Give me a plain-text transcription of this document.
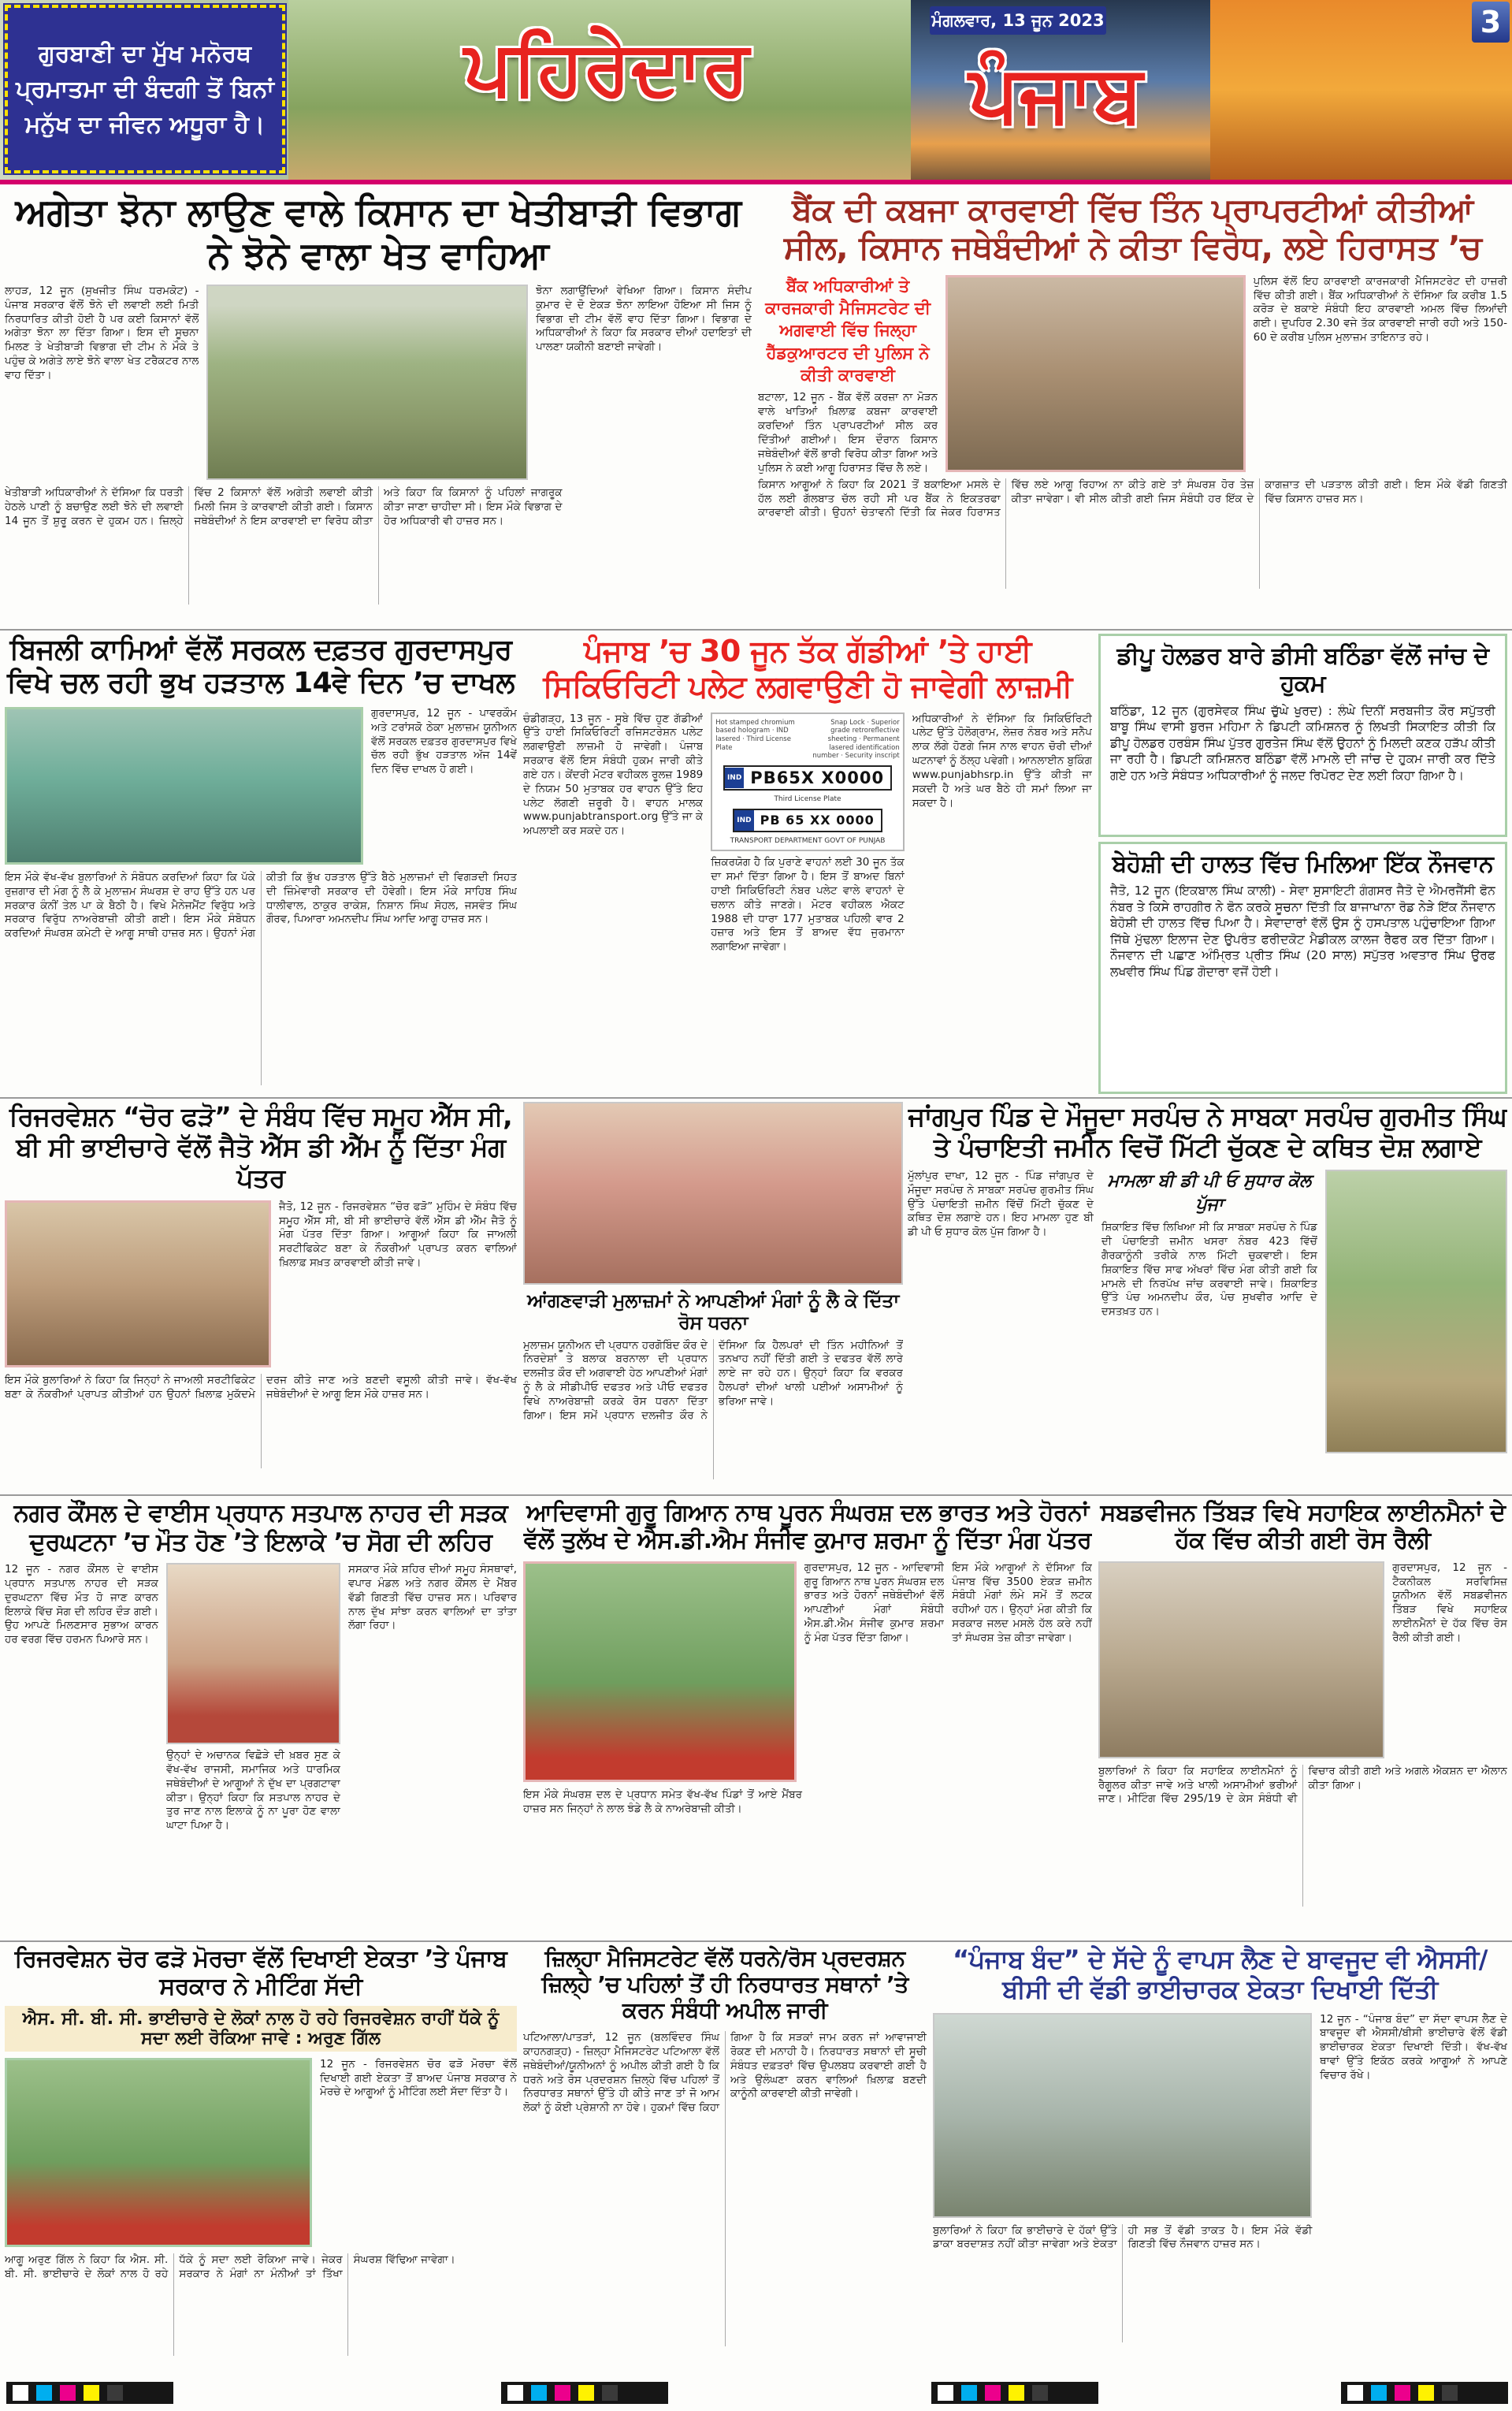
ਪਹਿਰੇਦਾਰ	ਪੰਜਾਬ
ਗੁਰਬਾਣੀ ਦਾ ਮੁੱਖ ਮਨੋਰਥ ਪ੍ਰਮਾਤਮਾ ਦੀ ਬੰਦਗੀ ਤੋਂ ਬਿਨਾਂ ਮਨੁੱਖ ਦਾ ਜੀਵਨ ਅਧੂਰਾ ਹੈ।
ਮੰਗਲਵਾਰ, 13 ਜੂਨ 2023	3
ਅਗੇਤਾ ਝੋਨਾ ਲਾਉਣ ਵਾਲੇ ਕਿਸਾਨ ਦਾ ਖੇਤੀਬਾੜੀ ਵਿਭਾਗ ਨੇ ਝੋਨੇ ਵਾਲਾ ਖੇਤ ਵਾਹਿਆ
ਲਾਹੜ, 12 ਜੂਨ (ਸੁਖਜੀਤ ਸਿੰਘ ਧਰਮਕੋਟ) - ਪੰਜਾਬ ਸਰਕਾਰ ਵੱਲੋਂ ਝੋਨੇ ਦੀ ਲਵਾਈ ਲਈ ਮਿਤੀ ਨਿਰਧਾਰਿਤ ਕੀਤੀ ਹੋਈ ਹੈ ਪਰ ਕਈ ਕਿਸਾਨਾਂ ਵੱਲੋਂ ਅਗੇਤਾ ਝੋਨਾ ਲਾ ਦਿੱਤਾ ਗਿਆ। ਇਸ ਦੀ ਸੂਚਨਾ ਮਿਲਣ ਤੇ ਖੇਤੀਬਾੜੀ ਵਿਭਾਗ ਦੀ ਟੀਮ ਨੇ ਮੌਕੇ ਤੇ ਪਹੁੰਚ ਕੇ ਅਗੇਤੇ ਲਾਏ ਝੋਨੇ ਵਾਲਾ ਖੇਤ ਟਰੈਕਟਰ ਨਾਲ ਵਾਹ ਦਿੱਤਾ।
ਝੋਨਾ ਲਗਾਉਂਦਿਆਂ ਵੇਖਿਆ ਗਿਆ। ਕਿਸਾਨ ਸੰਦੀਪ ਕੁਮਾਰ ਦੇ ਦੋ ਏਕੜ ਝੋਨਾ ਲਾਇਆ ਹੋਇਆ ਸੀ ਜਿਸ ਨੂੰ ਵਿਭਾਗ ਦੀ ਟੀਮ ਵੱਲੋਂ ਵਾਹ ਦਿੱਤਾ ਗਿਆ। ਵਿਭਾਗ ਦੇ ਅਧਿਕਾਰੀਆਂ ਨੇ ਕਿਹਾ ਕਿ ਸਰਕਾਰ ਦੀਆਂ ਹਦਾਇਤਾਂ ਦੀ ਪਾਲਣਾ ਯਕੀਨੀ ਬਣਾਈ ਜਾਵੇਗੀ।
ਖੇਤੀਬਾੜੀ ਅਧਿਕਾਰੀਆਂ ਨੇ ਦੱਸਿਆ ਕਿ ਧਰਤੀ ਹੇਠਲੇ ਪਾਣੀ ਨੂੰ ਬਚਾਉਣ ਲਈ ਝੋਨੇ ਦੀ ਲਵਾਈ 14 ਜੂਨ ਤੋਂ ਸ਼ੁਰੂ ਕਰਨ ਦੇ ਹੁਕਮ ਹਨ। ਜ਼ਿਲ੍ਹੇ ਵਿੱਚ 2 ਕਿਸਾਨਾਂ ਵੱਲੋਂ ਅਗੇਤੀ ਲਵਾਈ ਕੀਤੀ ਮਿਲੀ ਜਿਸ ਤੇ ਕਾਰਵਾਈ ਕੀਤੀ ਗਈ। ਕਿਸਾਨ ਜਥੇਬੰਦੀਆਂ ਨੇ ਇਸ ਕਾਰਵਾਈ ਦਾ ਵਿਰੋਧ ਕੀਤਾ ਅਤੇ ਕਿਹਾ ਕਿ ਕਿਸਾਨਾਂ ਨੂੰ ਪਹਿਲਾਂ ਜਾਗਰੂਕ ਕੀਤਾ ਜਾਣਾ ਚਾਹੀਦਾ ਸੀ। ਇਸ ਮੌਕੇ ਵਿਭਾਗ ਦੇ ਹੋਰ ਅਧਿਕਾਰੀ ਵੀ ਹਾਜ਼ਰ ਸਨ।
ਬੈਂਕ ਦੀ ਕਬਜਾ ਕਾਰਵਾਈ ਵਿੱਚ ਤਿੰਨ ਪ੍ਰਾਪਰਟੀਆਂ ਕੀਤੀਆਂ ਸੀਲ, ਕਿਸਾਨ ਜਥੇਬੰਦੀਆਂ ਨੇ ਕੀਤਾ ਵਿਰੋਧ, ਲਏ ਹਿਰਾਸਤ ’ਚ
ਬੈਂਕ ਅਧਿਕਾਰੀਆਂ ਤੇ ਕਾਰਜਕਾਰੀ ਮੈਜਿਸਟਰੇਟ ਦੀ ਅਗਵਾਈ ਵਿੱਚ ਜਿਲ੍ਹਾ ਹੈੱਡਕੁਆਰਟਰ ਦੀ ਪੁਲਿਸ ਨੇ ਕੀਤੀ ਕਾਰਵਾਈ
ਬਟਾਲਾ, 12 ਜੂਨ - ਬੈਂਕ ਵੱਲੋਂ ਕਰਜ਼ਾ ਨਾ ਮੋੜਨ ਵਾਲੇ ਖਾਤਿਆਂ ਖ਼ਿਲਾਫ਼ ਕਬਜਾ ਕਾਰਵਾਈ ਕਰਦਿਆਂ ਤਿੰਨ ਪ੍ਰਾਪਰਟੀਆਂ ਸੀਲ ਕਰ ਦਿੱਤੀਆਂ ਗਈਆਂ। ਇਸ ਦੌਰਾਨ ਕਿਸਾਨ ਜਥੇਬੰਦੀਆਂ ਵੱਲੋਂ ਭਾਰੀ ਵਿਰੋਧ ਕੀਤਾ ਗਿਆ ਅਤੇ ਪੁਲਿਸ ਨੇ ਕਈ ਆਗੂ ਹਿਰਾਸਤ ਵਿੱਚ ਲੈ ਲਏ।
ਪੁਲਿਸ ਵੱਲੋਂ ਇਹ ਕਾਰਵਾਈ ਕਾਰਜਕਾਰੀ ਮੈਜਿਸਟਰੇਟ ਦੀ ਹਾਜ਼ਰੀ ਵਿੱਚ ਕੀਤੀ ਗਈ। ਬੈਂਕ ਅਧਿਕਾਰੀਆਂ ਨੇ ਦੱਸਿਆ ਕਿ ਕਰੀਬ 1.5 ਕਰੋੜ ਦੇ ਬਕਾਏ ਸੰਬੰਧੀ ਇਹ ਕਾਰਵਾਈ ਅਮਲ ਵਿੱਚ ਲਿਆਂਦੀ ਗਈ। ਦੁਪਹਿਰ 2.30 ਵਜੇ ਤੱਕ ਕਾਰਵਾਈ ਜਾਰੀ ਰਹੀ ਅਤੇ 150-60 ਦੇ ਕਰੀਬ ਪੁਲਿਸ ਮੁਲਾਜ਼ਮ ਤਾਇਨਾਤ ਰਹੇ।
ਕਿਸਾਨ ਆਗੂਆਂ ਨੇ ਕਿਹਾ ਕਿ 2021 ਤੋਂ ਬਕਾਇਆ ਮਸਲੇ ਦੇ ਹੱਲ ਲਈ ਗੱਲਬਾਤ ਚੱਲ ਰਹੀ ਸੀ ਪਰ ਬੈਂਕ ਨੇ ਇਕਤਰਫਾ ਕਾਰਵਾਈ ਕੀਤੀ। ਉਹਨਾਂ ਚੇਤਾਵਨੀ ਦਿੱਤੀ ਕਿ ਜੇਕਰ ਹਿਰਾਸਤ ਵਿੱਚ ਲਏ ਆਗੂ ਰਿਹਾਅ ਨਾ ਕੀਤੇ ਗਏ ਤਾਂ ਸੰਘਰਸ਼ ਹੋਰ ਤੇਜ਼ ਕੀਤਾ ਜਾਵੇਗਾ। ਵੀ ਸੀਲ ਕੀਤੀ ਗਈ ਜਿਸ ਸੰਬੰਧੀ ਹਰ ਇੱਕ ਦੇ ਕਾਗਜ਼ਾਤ ਦੀ ਪੜਤਾਲ ਕੀਤੀ ਗਈ। ਇਸ ਮੌਕੇ ਵੱਡੀ ਗਿਣਤੀ ਵਿੱਚ ਕਿਸਾਨ ਹਾਜ਼ਰ ਸਨ।
ਬਿਜਲੀ ਕਾਮਿਆਂ ਵੱਲੋਂ ਸਰਕਲ ਦਫ਼ਤਰ ਗੁਰਦਾਸਪੁਰ ਵਿਖੇ ਚਲ ਰਹੀ ਭੁਖ ਹੜਤਾਲ 14ਵੇ ਦਿਨ ’ਚ ਦਾਖਲ
ਗੁਰਦਾਸਪੁਰ, 12 ਜੂਨ - ਪਾਵਰਕੌਮ ਅਤੇ ਟਰਾਂਸਕੋ ਠੇਕਾ ਮੁਲਾਜ਼ਮ ਯੂਨੀਅਨ ਵੱਲੋਂ ਸਰਕਲ ਦਫ਼ਤਰ ਗੁਰਦਾਸਪੁਰ ਵਿਖੇ ਚੱਲ ਰਹੀ ਭੁੱਖ ਹੜਤਾਲ ਅੱਜ 14ਵੇਂ ਦਿਨ ਵਿੱਚ ਦਾਖਲ ਹੋ ਗਈ।
ਇਸ ਮੌਕੇ ਵੱਖ-ਵੱਖ ਬੁਲਾਰਿਆਂ ਨੇ ਸੰਬੋਧਨ ਕਰਦਿਆਂ ਕਿਹਾ ਕਿ ਪੱਕੇ ਰੁਜ਼ਗਾਰ ਦੀ ਮੰਗ ਨੂੰ ਲੈ ਕੇ ਮੁਲਾਜ਼ਮ ਸੰਘਰਸ਼ ਦੇ ਰਾਹ ਉੱਤੇ ਹਨ ਪਰ ਸਰਕਾਰ ਕੰਨੀਂ ਤੇਲ ਪਾ ਕੇ ਬੈਠੀ ਹੈ। ਵਿਖੇ ਮੈਨੇਜਮੈਂਟ ਵਿਰੁੱਧ ਅਤੇ ਸਰਕਾਰ ਵਿਰੁੱਧ ਨਾਅਰੇਬਾਜ਼ੀ ਕੀਤੀ ਗਈ। ਇਸ ਮੌਕੇ ਸੰਬੋਧਨ ਕਰਦਿਆਂ ਸੰਘਰਸ਼ ਕਮੇਟੀ ਦੇ ਆਗੂ ਸਾਥੀ ਹਾਜ਼ਰ ਸਨ। ਉਹਨਾਂ ਮੰਗ ਕੀਤੀ ਕਿ ਭੁੱਖ ਹੜਤਾਲ ਉੱਤੇ ਬੈਠੇ ਮੁਲਾਜ਼ਮਾਂ ਦੀ ਵਿਗੜਦੀ ਸਿਹਤ ਦੀ ਜ਼ਿੰਮੇਵਾਰੀ ਸਰਕਾਰ ਦੀ ਹੋਵੇਗੀ। ਇਸ ਮੌਕੇ ਸਾਹਿਬ ਸਿੰਘ ਧਾਲੀਵਾਲ, ਠਾਕੁਰ ਰਾਕੇਸ਼, ਨਿਸ਼ਾਨ ਸਿੰਘ ਸੋਹਲ, ਜਸਵੰਤ ਸਿੰਘ ਗੌਰਵ, ਪਿਆਰਾ ਅਮਨਦੀਪ ਸਿੰਘ ਆਦਿ ਆਗੂ ਹਾਜ਼ਰ ਸਨ।
ਪੰਜਾਬ ’ਚ 30 ਜੂਨ ਤੱਕ ਗੱਡੀਆਂ ’ਤੇ ਹਾਈ ਸਿਕਿਓਰਿਟੀ ਪਲੇਟ ਲਗਵਾਉਣੀ ਹੋ ਜਾਵੇਗੀ ਲਾਜ਼ਮੀ
ਚੰਡੀਗੜ੍ਹ, 13 ਜੂਨ - ਸੂਬੇ ਵਿੱਚ ਹੁਣ ਗੱਡੀਆਂ ਉੱਤੇ ਹਾਈ ਸਿਕਿਓਰਿਟੀ ਰਜਿਸਟਰੇਸ਼ਨ ਪਲੇਟ ਲਗਵਾਉਣੀ ਲਾਜ਼ਮੀ ਹੋ ਜਾਵੇਗੀ। ਪੰਜਾਬ ਸਰਕਾਰ ਵੱਲੋਂ ਇਸ ਸੰਬੰਧੀ ਹੁਕਮ ਜਾਰੀ ਕੀਤੇ ਗਏ ਹਨ। ਕੇਂਦਰੀ ਮੋਟਰ ਵਹੀਕਲ ਰੂਲਜ਼ 1989 ਦੇ ਨਿਯਮ 50 ਮੁਤਾਬਕ ਹਰ ਵਾਹਨ ਉੱਤੇ ਇਹ ਪਲੇਟ ਲੱਗਣੀ ਜ਼ਰੂਰੀ ਹੈ। ਵਾਹਨ ਮਾਲਕ www.punjabtransport.org ਉੱਤੇ ਜਾ ਕੇ ਅਪਲਾਈ ਕਰ ਸਕਦੇ ਹਨ।
Hot stamped chromium based hologram · IND lasered · Third License Plate
Snap Lock · Superior grade retroreflective sheeting · Permanent lasered identification number · Security inscript
IND PB65X X0000
Third License Plate
IND PB 65 XX 0000
TRANSPORT DEPARTMENT GOVT OF PUNJAB
ਜ਼ਿਕਰਯੋਗ ਹੈ ਕਿ ਪੁਰਾਣੇ ਵਾਹਨਾਂ ਲਈ 30 ਜੂਨ ਤੱਕ ਦਾ ਸਮਾਂ ਦਿੱਤਾ ਗਿਆ ਹੈ। ਇਸ ਤੋਂ ਬਾਅਦ ਬਿਨਾਂ ਹਾਈ ਸਿਕਿਓਰਿਟੀ ਨੰਬਰ ਪਲੇਟ ਵਾਲੇ ਵਾਹਨਾਂ ਦੇ ਚਲਾਨ ਕੀਤੇ ਜਾਣਗੇ। ਮੋਟਰ ਵਹੀਕਲ ਐਕਟ 1988 ਦੀ ਧਾਰਾ 177 ਮੁਤਾਬਕ ਪਹਿਲੀ ਵਾਰ 2 ਹਜ਼ਾਰ ਅਤੇ ਇਸ ਤੋਂ ਬਾਅਦ ਵੱਧ ਜੁਰਮਾਨਾ ਲਗਾਇਆ ਜਾਵੇਗਾ।
ਅਧਿਕਾਰੀਆਂ ਨੇ ਦੱਸਿਆ ਕਿ ਸਿਕਿਓਰਿਟੀ ਪਲੇਟ ਉੱਤੇ ਹੋਲੋਗ੍ਰਾਮ, ਲੇਜ਼ਰ ਨੰਬਰ ਅਤੇ ਸਨੈਪ ਲਾਕ ਲੱਗੇ ਹੋਣਗੇ ਜਿਸ ਨਾਲ ਵਾਹਨ ਚੋਰੀ ਦੀਆਂ ਘਟਨਾਵਾਂ ਨੂੰ ਠੱਲ੍ਹ ਪਵੇਗੀ। ਆਨਲਾਈਨ ਬੁਕਿੰਗ www.punjabhsrp.in ਉੱਤੇ ਕੀਤੀ ਜਾ ਸਕਦੀ ਹੈ ਅਤੇ ਘਰ ਬੈਠੇ ਹੀ ਸਮਾਂ ਲਿਆ ਜਾ ਸਕਦਾ ਹੈ।
ਡੀਪੂ ਹੋਲਡਰ ਬਾਰੇ ਡੀਸੀ ਬਠਿੰਡਾ ਵੱਲੋਂ ਜਾਂਚ ਦੇ ਹੁਕਮ
ਬਠਿੰਡਾ, 12 ਜੂਨ (ਗੁਰਸੇਵਕ ਸਿੰਘ ਚੁੱਘੇ ਖੁਰਦ) : ਲੰਘੇ ਦਿਨੀਂ ਸਰਬਜੀਤ ਕੌਰ ਸਪੁੱਤਰੀ ਬਾਬੂ ਸਿੰਘ ਵਾਸੀ ਬੁਰਜ ਮਹਿਮਾ ਨੇ ਡਿਪਟੀ ਕਮਿਸ਼ਨਰ ਨੂੰ ਲਿਖਤੀ ਸਿਕਾਇਤ ਕੀਤੀ ਕਿ ਡੀਪੂ ਹੋਲਡਰ ਹਰਬੰਸ ਸਿੰਘ ਪੁੱਤਰ ਗੁਰਤੇਜ ਸਿੰਘ ਵੱਲੋਂ ਉਹਨਾਂ ਨੂੰ ਮਿਲਦੀ ਕਣਕ ਹੜੱਪ ਕੀਤੀ ਜਾ ਰਹੀ ਹੈ। ਡਿਪਟੀ ਕਮਿਸ਼ਨਰ ਬਠਿੰਡਾ ਵੱਲੋਂ ਮਾਮਲੇ ਦੀ ਜਾਂਚ ਦੇ ਹੁਕਮ ਜਾਰੀ ਕਰ ਦਿੱਤੇ ਗਏ ਹਨ ਅਤੇ ਸੰਬੰਧਤ ਅਧਿਕਾਰੀਆਂ ਨੂੰ ਜਲਦ ਰਿਪੋਰਟ ਦੇਣ ਲਈ ਕਿਹਾ ਗਿਆ ਹੈ।
ਬੇਹੋਸ਼ੀ ਦੀ ਹਾਲਤ ਵਿੱਚ ਮਿਲਿਆ ਇੱਕ ਨੌਜਵਾਨ
ਜੈਤੋ, 12 ਜੂਨ (ਇਕਬਾਲ ਸਿੰਘ ਕਾਲੀ) - ਸੇਵਾ ਸੁਸਾਇਟੀ ਗੰਗਸਰ ਜੈਤੋ ਦੇ ਐਮਰਜੈਂਸੀ ਫੋਨ ਨੰਬਰ ਤੇ ਕਿਸੇ ਰਾਹਗੀਰ ਨੇ ਫੋਨ ਕਰਕੇ ਸੂਚਨਾ ਦਿੱਤੀ ਕਿ ਬਾਜਾਖਾਨਾ ਰੋਡ ਨੇੜੇ ਇੱਕ ਨੌਜਵਾਨ ਬੇਹੋਸ਼ੀ ਦੀ ਹਾਲਤ ਵਿੱਚ ਪਿਆ ਹੈ। ਸੇਵਾਦਾਰਾਂ ਵੱਲੋਂ ਉਸ ਨੂੰ ਹਸਪਤਾਲ ਪਹੁੰਚਾਇਆ ਗਿਆ ਜਿੱਥੇ ਮੁੱਢਲਾ ਇਲਾਜ ਦੇਣ ਉਪਰੰਤ ਫਰੀਦਕੋਟ ਮੈਡੀਕਲ ਕਾਲਜ ਰੈਫਰ ਕਰ ਦਿੱਤਾ ਗਿਆ। ਨੌਜਵਾਨ ਦੀ ਪਛਾਣ ਅੰਮ੍ਰਿਤ ਪ੍ਰੀਤ ਸਿੰਘ (20 ਸਾਲ) ਸਪੁੱਤਰ ਅਵਤਾਰ ਸਿੰਘ ਉਰਫ ਲਖਵੀਰ ਸਿੰਘ ਪਿੰਡ ਗੋਦਾਰਾ ਵਜੋਂ ਹੋਈ।
ਰਿਜਰਵੇਸ਼ਨ “ਚੋਰ ਫੜੋ” ਦੇ ਸੰਬੰਧ ਵਿੱਚ ਸਮੂਹ ਐੱਸ ਸੀ, ਬੀ ਸੀ ਭਾਈਚਾਰੇ ਵੱਲੋਂ ਜੈਤੋ ਐੱਸ ਡੀ ਐੱਮ ਨੂੰ ਦਿੱਤਾ ਮੰਗ ਪੱਤਰ
ਜੈਤੋ, 12 ਜੂਨ - ਰਿਜਰਵੇਸ਼ਨ “ਚੋਰ ਫੜੋ” ਮੁਹਿੰਮ ਦੇ ਸੰਬੰਧ ਵਿੱਚ ਸਮੂਹ ਐੱਸ ਸੀ, ਬੀ ਸੀ ਭਾਈਚਾਰੇ ਵੱਲੋਂ ਐੱਸ ਡੀ ਐੱਮ ਜੈਤੋ ਨੂੰ ਮੰਗ ਪੱਤਰ ਦਿੱਤਾ ਗਿਆ। ਆਗੂਆਂ ਕਿਹਾ ਕਿ ਜਾਅਲੀ ਸਰਟੀਫਿਕੇਟ ਬਣਾ ਕੇ ਨੌਕਰੀਆਂ ਪ੍ਰਾਪਤ ਕਰਨ ਵਾਲਿਆਂ ਖ਼ਿਲਾਫ਼ ਸਖ਼ਤ ਕਾਰਵਾਈ ਕੀਤੀ ਜਾਵੇ।
ਇਸ ਮੌਕੇ ਬੁਲਾਰਿਆਂ ਨੇ ਕਿਹਾ ਕਿ ਜਿਨ੍ਹਾਂ ਨੇ ਜਾਅਲੀ ਸਰਟੀਫਿਕੇਟ ਬਣਾ ਕੇ ਨੌਕਰੀਆਂ ਪ੍ਰਾਪਤ ਕੀਤੀਆਂ ਹਨ ਉਹਨਾਂ ਖ਼ਿਲਾਫ਼ ਮੁਕੱਦਮੇ ਦਰਜ ਕੀਤੇ ਜਾਣ ਅਤੇ ਬਣਦੀ ਵਸੂਲੀ ਕੀਤੀ ਜਾਵੇ। ਵੱਖ-ਵੱਖ ਜਥੇਬੰਦੀਆਂ ਦੇ ਆਗੂ ਇਸ ਮੌਕੇ ਹਾਜ਼ਰ ਸਨ।
ਆਂਗਣਵਾੜੀ ਮੁਲਾਜ਼ਮਾਂ ਨੇ ਆਪਣੀਆਂ ਮੰਗਾਂ ਨੂੰ ਲੈ ਕੇ ਦਿੱਤਾ ਰੋਸ ਧਰਨਾ
ਮੁਲਾਜ਼ਮ ਯੂਨੀਅਨ ਦੀ ਪ੍ਰਧਾਨ ਹਰਗੋਬਿੰਦ ਕੌਰ ਦੇ ਨਿਰਦੇਸ਼ਾਂ ਤੇ ਬਲਾਕ ਬਰਨਾਲਾ ਦੀ ਪ੍ਰਧਾਨ ਦਲਜੀਤ ਕੌਰ ਦੀ ਅਗਵਾਈ ਹੇਠ ਆਪਣੀਆਂ ਮੰਗਾਂ ਨੂੰ ਲੈ ਕੇ ਸੀਡੀਪੀਓ ਦਫਤਰ ਅਤੇ ਪੀਓ ਦਫਤਰ ਵਿਖੇ ਨਾਅਰੇਬਾਜ਼ੀ ਕਰਕੇ ਰੋਸ ਧਰਨਾ ਦਿੱਤਾ ਗਿਆ। ਇਸ ਸਮੇਂ ਪ੍ਰਧਾਨ ਦਲਜੀਤ ਕੌਰ ਨੇ ਦੱਸਿਆ ਕਿ ਹੈਲਪਰਾਂ ਦੀ ਤਿੰਨ ਮਹੀਨਿਆਂ ਤੋਂ ਤਨਖਾਹ ਨਹੀਂ ਦਿੱਤੀ ਗਈ ਤੇ ਦਫਤਰ ਵੱਲੋਂ ਲਾਰੇ ਲਾਏ ਜਾ ਰਹੇ ਹਨ। ਉਨ੍ਹਾਂ ਕਿਹਾ ਕਿ ਵਰਕਰ ਹੈਲਪਰਾਂ ਦੀਆਂ ਖਾਲੀ ਪਈਆਂ ਅਸਾਮੀਆਂ ਨੂੰ ਭਰਿਆ ਜਾਵੇ।
ਜਾਂਗਪੁਰ ਪਿੰਡ ਦੇ ਮੌਜੂਦਾ ਸਰਪੰਚ ਨੇ ਸਾਬਕਾ ਸਰਪੰਚ ਗੁਰਮੀਤ ਸਿੰਘ ਤੇ ਪੰਚਾਇਤੀ ਜਮੀਨ ਵਿਚੋਂ ਮਿੱਟੀ ਚੁੱਕਣ ਦੇ ਕਥਿਤ ਦੋਸ਼ ਲਗਾਏ
ਮੁੱਲਾਂਪੁਰ ਦਾਖਾ, 12 ਜੂਨ - ਪਿੰਡ ਜਾਂਗਪੁਰ ਦੇ ਮੌਜੂਦਾ ਸਰਪੰਚ ਨੇ ਸਾਬਕਾ ਸਰਪੰਚ ਗੁਰਮੀਤ ਸਿੰਘ ਉੱਤੇ ਪੰਚਾਇਤੀ ਜ਼ਮੀਨ ਵਿੱਚੋਂ ਮਿੱਟੀ ਚੁੱਕਣ ਦੇ ਕਥਿਤ ਦੋਸ਼ ਲਗਾਏ ਹਨ। ਇਹ ਮਾਮਲਾ ਹੁਣ ਬੀ ਡੀ ਪੀ ਓ ਸੁਧਾਰ ਕੋਲ ਪੁੱਜ ਗਿਆ ਹੈ।
ਮਾਮਲਾ ਬੀ ਡੀ ਪੀ ਓ ਸੁਧਾਰ ਕੋਲ ਪੁੱਜਾ
ਸ਼ਿਕਾਇਤ ਵਿੱਚ ਲਿਖਿਆ ਸੀ ਕਿ ਸਾਬਕਾ ਸਰਪੰਚ ਨੇ ਪਿੰਡ ਦੀ ਪੰਚਾਇਤੀ ਜ਼ਮੀਨ ਖਸਰਾ ਨੰਬਰ 423 ਵਿੱਚੋਂ ਗੈਰਕਾਨੂੰਨੀ ਤਰੀਕੇ ਨਾਲ ਮਿੱਟੀ ਚੁਕਵਾਈ। ਇਸ ਸ਼ਿਕਾਇਤ ਵਿੱਚ ਸਾਫ ਅੱਖਰਾਂ ਵਿੱਚ ਮੰਗ ਕੀਤੀ ਗਈ ਕਿ ਮਾਮਲੇ ਦੀ ਨਿਰਪੱਖ ਜਾਂਚ ਕਰਵਾਈ ਜਾਵੇ। ਸ਼ਿਕਾਇਤ ਉੱਤੇ ਪੰਚ ਅਮਨਦੀਪ ਕੌਰ, ਪੰਚ ਸੁਖਵੀਰ ਆਦਿ ਦੇ ਦਸਤਖ਼ਤ ਹਨ।
ਨਗਰ ਕੌਂਸਲ ਦੇ ਵਾਈਸ ਪ੍ਰਧਾਨ ਸਤਪਾਲ ਨਾਹਰ ਦੀ ਸੜਕ ਦੁਰਘਟਨਾ ’ਚ ਮੌਤ ਹੋਣ ’ਤੇ ਇਲਾਕੇ ’ਚ ਸੋਗ ਦੀ ਲਹਿਰ
12 ਜੂਨ - ਨਗਰ ਕੌਂਸਲ ਦੇ ਵਾਈਸ ਪ੍ਰਧਾਨ ਸਤਪਾਲ ਨਾਹਰ ਦੀ ਸੜਕ ਦੁਰਘਟਨਾ ਵਿੱਚ ਮੌਤ ਹੋ ਜਾਣ ਕਾਰਨ ਇਲਾਕੇ ਵਿੱਚ ਸੋਗ ਦੀ ਲਹਿਰ ਦੌੜ ਗਈ। ਉਹ ਆਪਣੇ ਮਿਲਣਸਾਰ ਸੁਭਾਅ ਕਾਰਨ ਹਰ ਵਰਗ ਵਿੱਚ ਹਰਮਨ ਪਿਆਰੇ ਸਨ।
ਉਨ੍ਹਾਂ ਦੇ ਅਚਾਨਕ ਵਿਛੋੜੇ ਦੀ ਖ਼ਬਰ ਸੁਣ ਕੇ ਵੱਖ-ਵੱਖ ਰਾਜਸੀ, ਸਮਾਜਿਕ ਅਤੇ ਧਾਰਮਿਕ ਜਥੇਬੰਦੀਆਂ ਦੇ ਆਗੂਆਂ ਨੇ ਦੁੱਖ ਦਾ ਪ੍ਰਗਟਾਵਾ ਕੀਤਾ। ਉਨ੍ਹਾਂ ਕਿਹਾ ਕਿ ਸਤਪਾਲ ਨਾਹਰ ਦੇ ਤੁਰ ਜਾਣ ਨਾਲ ਇਲਾਕੇ ਨੂੰ ਨਾ ਪੂਰਾ ਹੋਣ ਵਾਲਾ ਘਾਟਾ ਪਿਆ ਹੈ।
ਸਸਕਾਰ ਮੌਕੇ ਸ਼ਹਿਰ ਦੀਆਂ ਸਮੂਹ ਸੰਸਥਾਵਾਂ, ਵਪਾਰ ਮੰਡਲ ਅਤੇ ਨਗਰ ਕੌਂਸਲ ਦੇ ਮੈਂਬਰ ਵੱਡੀ ਗਿਣਤੀ ਵਿੱਚ ਹਾਜ਼ਰ ਸਨ। ਪਰਿਵਾਰ ਨਾਲ ਦੁੱਖ ਸਾਂਝਾ ਕਰਨ ਵਾਲਿਆਂ ਦਾ ਤਾਂਤਾ ਲੱਗਾ ਰਿਹਾ।
ਆਦਿਵਾਸੀ ਗੁਰੂ ਗਿਆਨ ਨਾਥ ਪੂਰਨ ਸੰਘਰਸ਼ ਦਲ ਭਾਰਤ ਅਤੇ ਹੋਰਨਾਂ ਵੱਲੋਂ ਤੁਲੱਖ ਦੇ ਐਸ.ਡੀ.ਐਮ ਸੰਜੀਵ ਕੁਮਾਰ ਸ਼ਰਮਾ ਨੂੰ ਦਿੱਤਾ ਮੰਗ ਪੱਤਰ
ਗੁਰਦਾਸਪੁਰ, 12 ਜੂਨ - ਆਦਿਵਾਸੀ ਗੁਰੂ ਗਿਆਨ ਨਾਥ ਪੂਰਨ ਸੰਘਰਸ਼ ਦਲ ਭਾਰਤ ਅਤੇ ਹੋਰਨਾਂ ਜਥੇਬੰਦੀਆਂ ਵੱਲੋਂ ਆਪਣੀਆਂ ਮੰਗਾਂ ਸੰਬੰਧੀ ਐਸ.ਡੀ.ਐਮ ਸੰਜੀਵ ਕੁਮਾਰ ਸ਼ਰਮਾ ਨੂੰ ਮੰਗ ਪੱਤਰ ਦਿੱਤਾ ਗਿਆ।
ਇਸ ਮੌਕੇ ਆਗੂਆਂ ਨੇ ਦੱਸਿਆ ਕਿ ਪੰਜਾਬ ਵਿੱਚ 3500 ਏਕੜ ਜ਼ਮੀਨ ਸੰਬੰਧੀ ਮੰਗਾਂ ਲੰਮੇ ਸਮੇਂ ਤੋਂ ਲਟਕ ਰਹੀਆਂ ਹਨ। ਉਨ੍ਹਾਂ ਮੰਗ ਕੀਤੀ ਕਿ ਸਰਕਾਰ ਜਲਦ ਮਸਲੇ ਹੱਲ ਕਰੇ ਨਹੀਂ ਤਾਂ ਸੰਘਰਸ਼ ਤੇਜ਼ ਕੀਤਾ ਜਾਵੇਗਾ।
ਇਸ ਮੌਕੇ ਸੰਘਰਸ਼ ਦਲ ਦੇ ਪ੍ਰਧਾਨ ਸਮੇਤ ਵੱਖ-ਵੱਖ ਪਿੰਡਾਂ ਤੋਂ ਆਏ ਮੈਂਬਰ ਹਾਜ਼ਰ ਸਨ ਜਿਨ੍ਹਾਂ ਨੇ ਲਾਲ ਝੰਡੇ ਲੈ ਕੇ ਨਾਅਰੇਬਾਜ਼ੀ ਕੀਤੀ।
ਸਬਡਵੀਜਨ ਤਿੱਬੜ ਵਿਖੇ ਸਹਾਇਕ ਲਾਈਨਮੈਨਾਂ ਦੇ ਹੱਕ ਵਿੱਚ ਕੀਤੀ ਗਈ ਰੋਸ ਰੈਲੀ
ਗੁਰਦਾਸਪੁਰ, 12 ਜੂਨ - ਟੈਕਨੀਕਲ ਸਰਵਿਸਿਜ਼ ਯੂਨੀਅਨ ਵੱਲੋਂ ਸਬਡਵੀਜਨ ਤਿੱਬੜ ਵਿਖੇ ਸਹਾਇਕ ਲਾਈਨਮੈਨਾਂ ਦੇ ਹੱਕ ਵਿੱਚ ਰੋਸ ਰੈਲੀ ਕੀਤੀ ਗਈ।
ਬੁਲਾਰਿਆਂ ਨੇ ਕਿਹਾ ਕਿ ਸਹਾਇਕ ਲਾਈਨਮੈਨਾਂ ਨੂੰ ਰੈਗੂਲਰ ਕੀਤਾ ਜਾਵੇ ਅਤੇ ਖਾਲੀ ਅਸਾਮੀਆਂ ਭਰੀਆਂ ਜਾਣ। ਮੀਟਿੰਗ ਵਿੱਚ 295/19 ਦੇ ਕੇਸ ਸੰਬੰਧੀ ਵੀ ਵਿਚਾਰ ਕੀਤੀ ਗਈ ਅਤੇ ਅਗਲੇ ਐਕਸ਼ਨ ਦਾ ਐਲਾਨ ਕੀਤਾ ਗਿਆ।
ਰਿਜਰਵੇਸ਼ਨ ਚੋਰ ਫੜੋ ਮੋਰਚਾ ਵੱਲੋਂ ਦਿਖਾਈ ਏਕਤਾ ’ਤੇ ਪੰਜਾਬ ਸਰਕਾਰ ਨੇ ਮੀਟਿੰਗ ਸੱਦੀ
ਐਸ. ਸੀ. ਬੀ. ਸੀ. ਭਾਈਚਾਰੇ ਦੇ ਲੋਕਾਂ ਨਾਲ ਹੋ ਰਹੇ ਰਿਜਰਵੇਸ਼ਨ ਰਾਹੀਂ ਧੱਕੇ ਨੂੰ ਸਦਾ ਲਈ ਰੋਕਿਆ ਜਾਵੇ : ਅਰੁਣ ਗਿੱਲ
12 ਜੂਨ - ਰਿਜਰਵੇਸ਼ਨ ਚੋਰ ਫੜੋ ਮੋਰਚਾ ਵੱਲੋਂ ਦਿਖਾਈ ਗਈ ਏਕਤਾ ਤੋਂ ਬਾਅਦ ਪੰਜਾਬ ਸਰਕਾਰ ਨੇ ਮੋਰਚੇ ਦੇ ਆਗੂਆਂ ਨੂੰ ਮੀਟਿੰਗ ਲਈ ਸੱਦਾ ਦਿੱਤਾ ਹੈ।
ਆਗੂ ਅਰੁਣ ਗਿੱਲ ਨੇ ਕਿਹਾ ਕਿ ਐਸ. ਸੀ. ਬੀ. ਸੀ. ਭਾਈਚਾਰੇ ਦੇ ਲੋਕਾਂ ਨਾਲ ਹੋ ਰਹੇ ਧੱਕੇ ਨੂੰ ਸਦਾ ਲਈ ਰੋਕਿਆ ਜਾਵੇ। ਜੇਕਰ ਸਰਕਾਰ ਨੇ ਮੰਗਾਂ ਨਾ ਮੰਨੀਆਂ ਤਾਂ ਤਿੱਖਾ ਸੰਘਰਸ਼ ਵਿੱਢਿਆ ਜਾਵੇਗਾ।
ਜ਼ਿਲ੍ਹਾ ਮੈਜਿਸਟਰੇਟ ਵੱਲੋਂ ਧਰਨੇ/ਰੋਸ ਪ੍ਰਦਰਸ਼ਨ ਜ਼ਿ‍ਲ੍ਹੇ ’ਚ ਪਹਿਲਾਂ ਤੋਂ ਹੀ ਨਿਰਧਾਰਤ ਸਥਾਨਾਂ ’ਤੇ ਕਰਨ ਸੰਬੰਧੀ ਅਪੀਲ ਜਾਰੀ
ਪਟਿਆਲਾ/ਪਾਤੜਾਂ, 12 ਜੂਨ (ਬਲਵਿੰਦਰ ਸਿੰਘ ਕਾਹਨਗੜ੍ਹ) - ਜ਼ਿਲ੍ਹਾ ਮੈਜਿਸਟਰੇਟ ਪਟਿਆਲਾ ਵੱਲੋਂ ਜਥੇਬੰਦੀਆਂ/ਯੂਨੀਅਨਾਂ ਨੂੰ ਅਪੀਲ ਕੀਤੀ ਗਈ ਹੈ ਕਿ ਧਰਨੇ ਅਤੇ ਰੋਸ ਪ੍ਰਦਰਸ਼ਨ ਜ਼ਿਲ੍ਹੇ ਵਿੱਚ ਪਹਿਲਾਂ ਤੋਂ ਨਿਰਧਾਰਤ ਸਥਾਨਾਂ ਉੱਤੇ ਹੀ ਕੀਤੇ ਜਾਣ ਤਾਂ ਜੋ ਆਮ ਲੋਕਾਂ ਨੂੰ ਕੋਈ ਪ੍ਰੇਸ਼ਾਨੀ ਨਾ ਹੋਵੇ। ਹੁਕਮਾਂ ਵਿੱਚ ਕਿਹਾ ਗਿਆ ਹੈ ਕਿ ਸੜਕਾਂ ਜਾਮ ਕਰਨ ਜਾਂ ਆਵਾਜਾਈ ਰੋਕਣ ਦੀ ਮਨਾਹੀ ਹੈ। ਨਿਰਧਾਰਤ ਸਥਾਨਾਂ ਦੀ ਸੂਚੀ ਸੰਬੰਧਤ ਦਫ਼ਤਰਾਂ ਵਿੱਚ ਉਪਲਬਧ ਕਰਵਾਈ ਗਈ ਹੈ ਅਤੇ ਉਲੰਘਣਾ ਕਰਨ ਵਾਲਿਆਂ ਖ਼ਿਲਾਫ਼ ਬਣਦੀ ਕਾਨੂੰਨੀ ਕਾਰਵਾਈ ਕੀਤੀ ਜਾਵੇਗੀ।
“ਪੰਜਾਬ ਬੰਦ” ਦੇ ਸੱਦੇ ਨੂੰ ਵਾਪਸ ਲੈਣ ਦੇ ਬਾਵਜੂਦ ਵੀ ਐਸਸੀ/ਬੀਸੀ ਦੀ ਵੱਡੀ ਭਾਈਚਾਰਕ ਏਕਤਾ ਦਿਖਾਈ ਦਿੱਤੀ
12 ਜੂਨ - “ਪੰਜਾਬ ਬੰਦ” ਦਾ ਸੱਦਾ ਵਾਪਸ ਲੈਣ ਦੇ ਬਾਵਜੂਦ ਵੀ ਐਸਸੀ/ਬੀਸੀ ਭਾਈਚਾਰੇ ਵੱਲੋਂ ਵੱਡੀ ਭਾਈਚਾਰਕ ਏਕਤਾ ਦਿਖਾਈ ਦਿੱਤੀ। ਵੱਖ-ਵੱਖ ਥਾਵਾਂ ਉੱਤੇ ਇਕੱਠ ਕਰਕੇ ਆਗੂਆਂ ਨੇ ਆਪਣੇ ਵਿਚਾਰ ਰੱਖੇ।
ਬੁਲਾਰਿਆਂ ਨੇ ਕਿਹਾ ਕਿ ਭਾਈਚਾਰੇ ਦੇ ਹੱਕਾਂ ਉੱਤੇ ਡਾਕਾ ਬਰਦਾਸ਼ਤ ਨਹੀਂ ਕੀਤਾ ਜਾਵੇਗਾ ਅਤੇ ਏਕਤਾ ਹੀ ਸਭ ਤੋਂ ਵੱਡੀ ਤਾਕਤ ਹੈ। ਇਸ ਮੌਕੇ ਵੱਡੀ ਗਿਣਤੀ ਵਿੱਚ ਨੌਜਵਾਨ ਹਾਜ਼ਰ ਸਨ।
